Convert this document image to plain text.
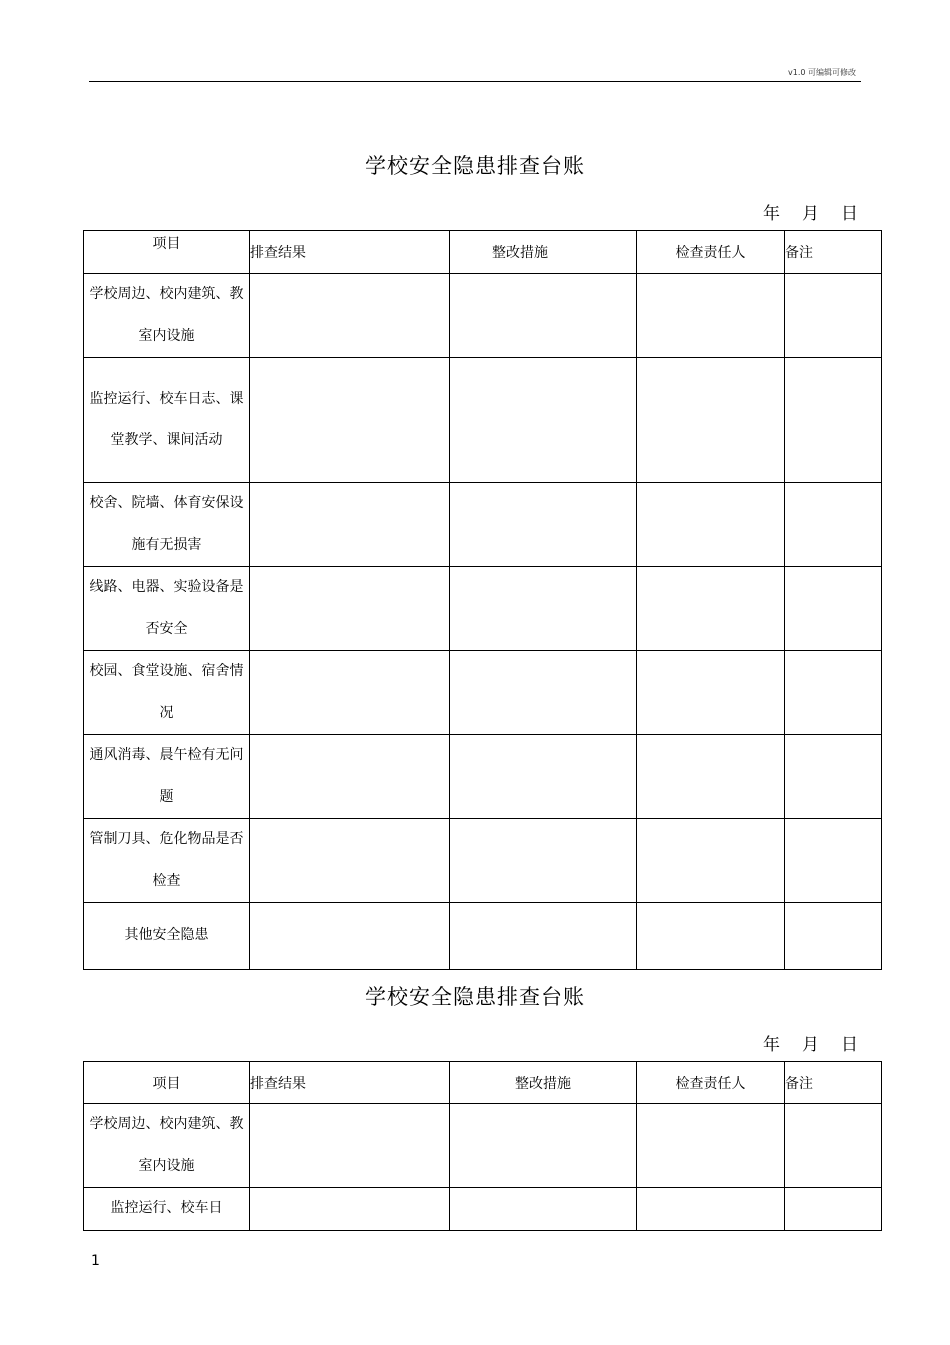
v1.0 可编辑可修改
学校安全隐患排查台账
年 月 日
项目	排查结果	整改措施	检查责任人	备注
学校周边、校内建筑、教室内设施				
监控运行、校车日志、课堂教学、课间活动				
校舍、院墙、体育安保设施有无损害				
线路、电器、实验设备是否安全				
校园、食堂设施、宿舍情况				
通风消毒、晨午检有无问题				
管制刀具、危化物品是否检查				
其他安全隐患				
学校安全隐患排查台账
年 月 日
项目	排查结果	整改措施	检查责任人	备注
学校周边、校内建筑、教室内设施				
监控运行、校车日				
1
